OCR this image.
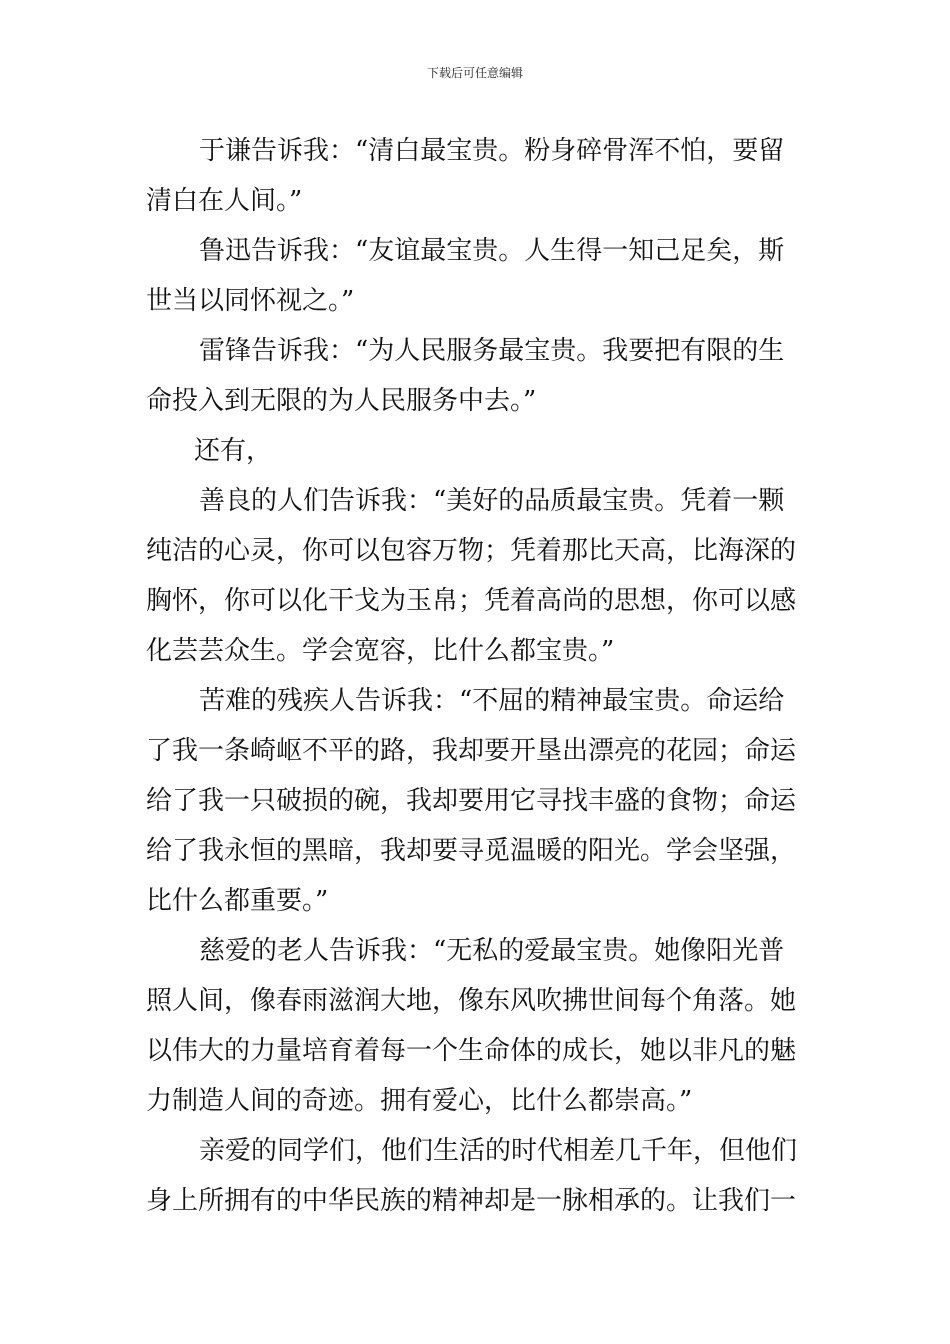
下载后可任意编辑
于谦告诉我：“清白最宝贵。粉身碎骨浑不怕，要留
清白在人间。”
鲁迅告诉我：“友谊最宝贵。人生得一知己足矣，斯
世当以同怀视之。”
雷锋告诉我：“为人民服务最宝贵。我要把有限的生
命投入到无限的为人民服务中去。”
还有，
善良的人们告诉我：“美好的品质最宝贵。凭着一颗
纯洁的心灵，你可以包容万物；凭着那比天高，比海深的
胸怀，你可以化干戈为玉帛；凭着高尚的思想，你可以感
化芸芸众生。学会宽容，比什么都宝贵。”
苦难的残疾人告诉我：“不屈的精神最宝贵。命运给
了我一条崎岖不平的路，我却要开垦出漂亮的花园；命运
给了我一只破损的碗，我却要用它寻找丰盛的食物；命运
给了我永恒的黑暗，我却要寻觅温暖的阳光。学会坚强，
比什么都重要。”
慈爱的老人告诉我：“无私的爱最宝贵。她像阳光普
照人间，像春雨滋润大地，像东风吹拂世间每个角落。她
以伟大的力量培育着每一个生命体的成长，她以非凡的魅
力制造人间的奇迹。拥有爱心，比什么都崇高。”
亲爱的同学们，他们生活的时代相差几千年，但他们
身上所拥有的中华民族的精神却是一脉相承的。让我们一
